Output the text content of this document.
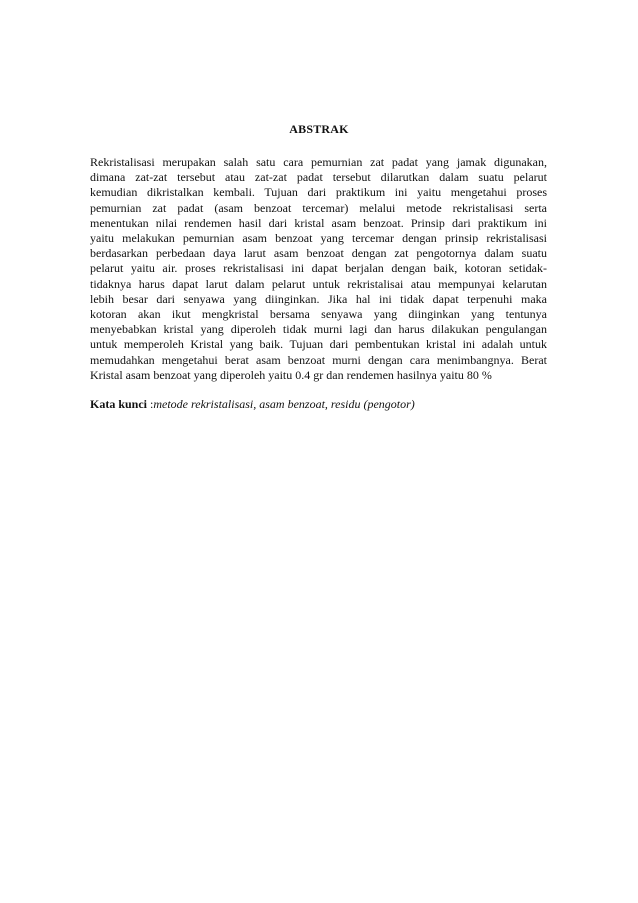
ABSTRAK
Rekristalisasi merupakan salah satu cara pemurnian zat padat yang jamak digunakan,
dimana zat-zat tersebut atau zat-zat padat tersebut dilarutkan dalam suatu pelarut
kemudian dikristalkan kembali. Tujuan dari praktikum ini yaitu mengetahui proses
pemurnian zat padat (asam benzoat tercemar) melalui metode rekristalisasi serta
menentukan nilai rendemen hasil dari kristal asam benzoat. Prinsip dari praktikum ini
yaitu melakukan pemurnian asam benzoat yang tercemar dengan prinsip rekristalisasi
berdasarkan perbedaan daya larut asam benzoat dengan zat pengotornya dalam suatu
pelarut yaitu air. proses rekristalisasi ini dapat berjalan dengan baik, kotoran setidak-
tidaknya harus dapat larut dalam pelarut untuk rekristalisai atau mempunyai kelarutan
lebih besar dari senyawa yang diinginkan. Jika hal ini tidak dapat terpenuhi maka
kotoran akan ikut mengkristal bersama senyawa yang diinginkan yang tentunya
menyebabkan kristal yang diperoleh tidak murni lagi dan harus dilakukan pengulangan
untuk memperoleh Kristal yang baik. Tujuan dari pembentukan kristal ini adalah untuk
memudahkan mengetahui berat asam benzoat murni dengan cara menimbangnya. Berat
Kristal asam benzoat yang diperoleh yaitu 0.4 gr dan rendemen hasilnya yaitu 80 %
Kata kunci :metode rekristalisasi, asam benzoat, residu (pengotor)
